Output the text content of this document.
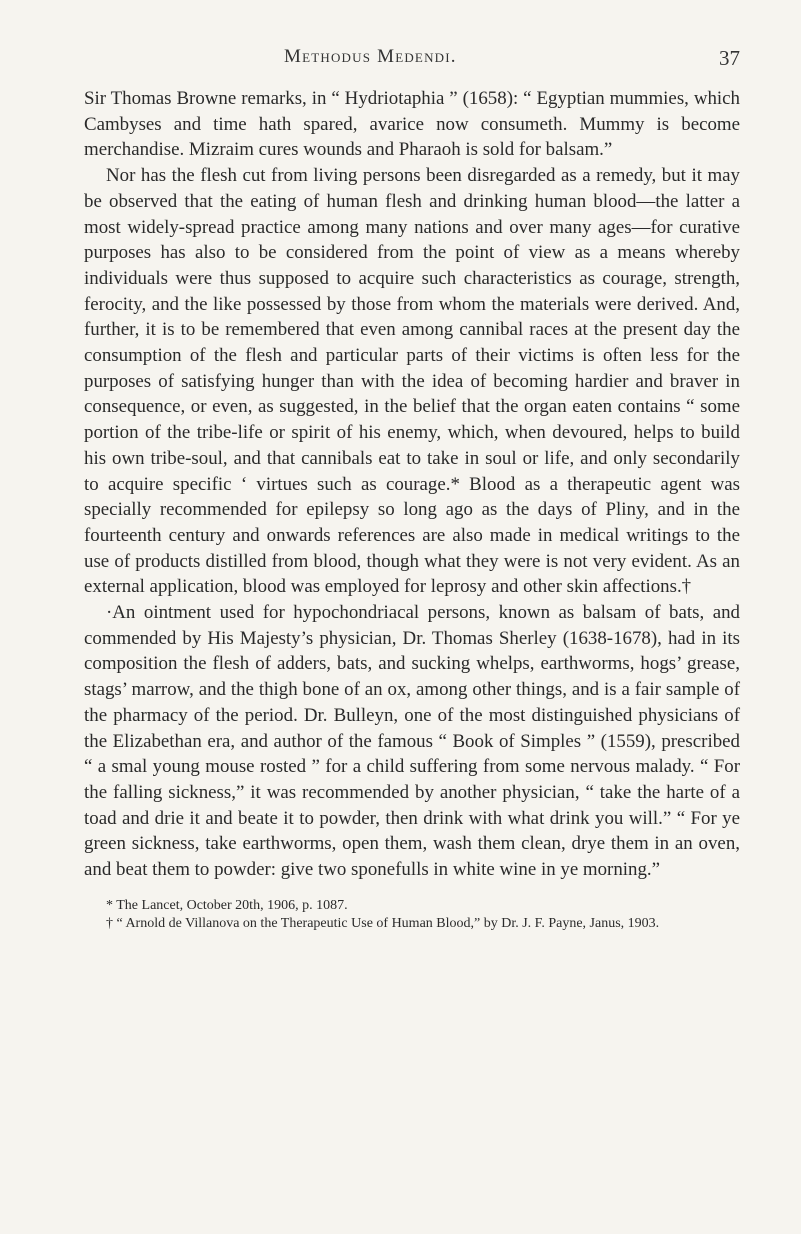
Methodus Medendi.	37

Sir Thomas Browne remarks, in “ Hydriotaphia ” (1658): “ Egyptian mummies, which Cambyses and time hath spared, avarice now consumeth. Mummy is become merchandise. Mizraim cures wounds and Pharaoh is sold for balsam.”

Nor has the flesh cut from living persons been disregarded as a remedy, but it may be observed that the eating of human flesh and drinking human blood—the latter a most widely-spread practice among many nations and over many ages—for curative purposes has also to be considered from the point of view as a means whereby individuals were thus supposed to acquire such characteristics as courage, strength, ferocity, and the like possessed by those from whom the materials were derived. And, further, it is to be remembered that even among cannibal races at the present day the consumption of the flesh and particular parts of their victims is often less for the purposes of satisfying hunger than with the idea of becoming hardier and braver in consequence, or even, as suggested, in the belief that the organ eaten contains “ some portion of the tribe-life or spirit of his enemy, which, when devoured, helps to build his own tribe-soul, and that cannibals eat to take in soul or life, and only secondarily to acquire specific ‘ virtues such as courage.* Blood as a therapeutic agent was specially recommended for epilepsy so long ago as the days of Pliny, and in the fourteenth century and onwards references are also made in medical writings to the use of products distilled from blood, though what they were is not very evident. As an external application, blood was employed for leprosy and other skin affections.†

·An ointment used for hypochondriacal persons, known as balsam of bats, and commended by His Majesty’s physician, Dr. Thomas Sherley (1638-1678), had in its composition the flesh of adders, bats, and sucking whelps, earthworms, hogs’ grease, stags’ marrow, and the thigh bone of an ox, among other things, and is a fair sample of the pharmacy of the period. Dr. Bulleyn, one of the most distinguished physicians of the Elizabethan era, and author of the famous “ Book of Simples ” (1559), prescribed “ a smal young mouse rosted ” for a child suffering from some nervous malady. “ For the falling sickness,” it was recommended by another physician, “ take the harte of a toad and drie it and beate it to powder, then drink with what drink you will.” “ For ye green sickness, take earthworms, open them, wash them clean, drye them in an oven, and beat them to powder: give two sponefulls in white wine in ye morning.”

* The Lancet, October 20th, 1906, p. 1087.

† “ Arnold de Villanova on the Therapeutic Use of Human Blood,” by Dr. J. F. Payne, Janus, 1903.
